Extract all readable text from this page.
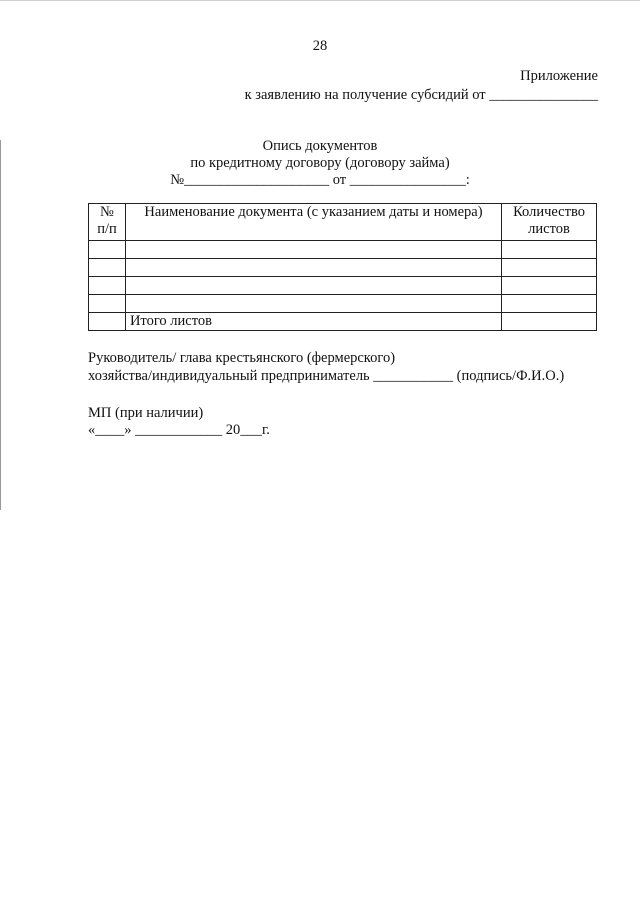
28
Приложение
к заявлению на получение субсидий от _______________
Опись документов
по кредитному договору (договору займа)
№____________________ от ________________:
№ п/п	Наименование документа (с указанием даты и номера)	Количество листов

	Итого листов	
Руководитель/ глава крестьянского (фермерского)
хозяйства/индивидуальный предприниматель ___________ (подпись/Ф.И.О.)
МП (при наличии)
«____» ____________ 20___г.
